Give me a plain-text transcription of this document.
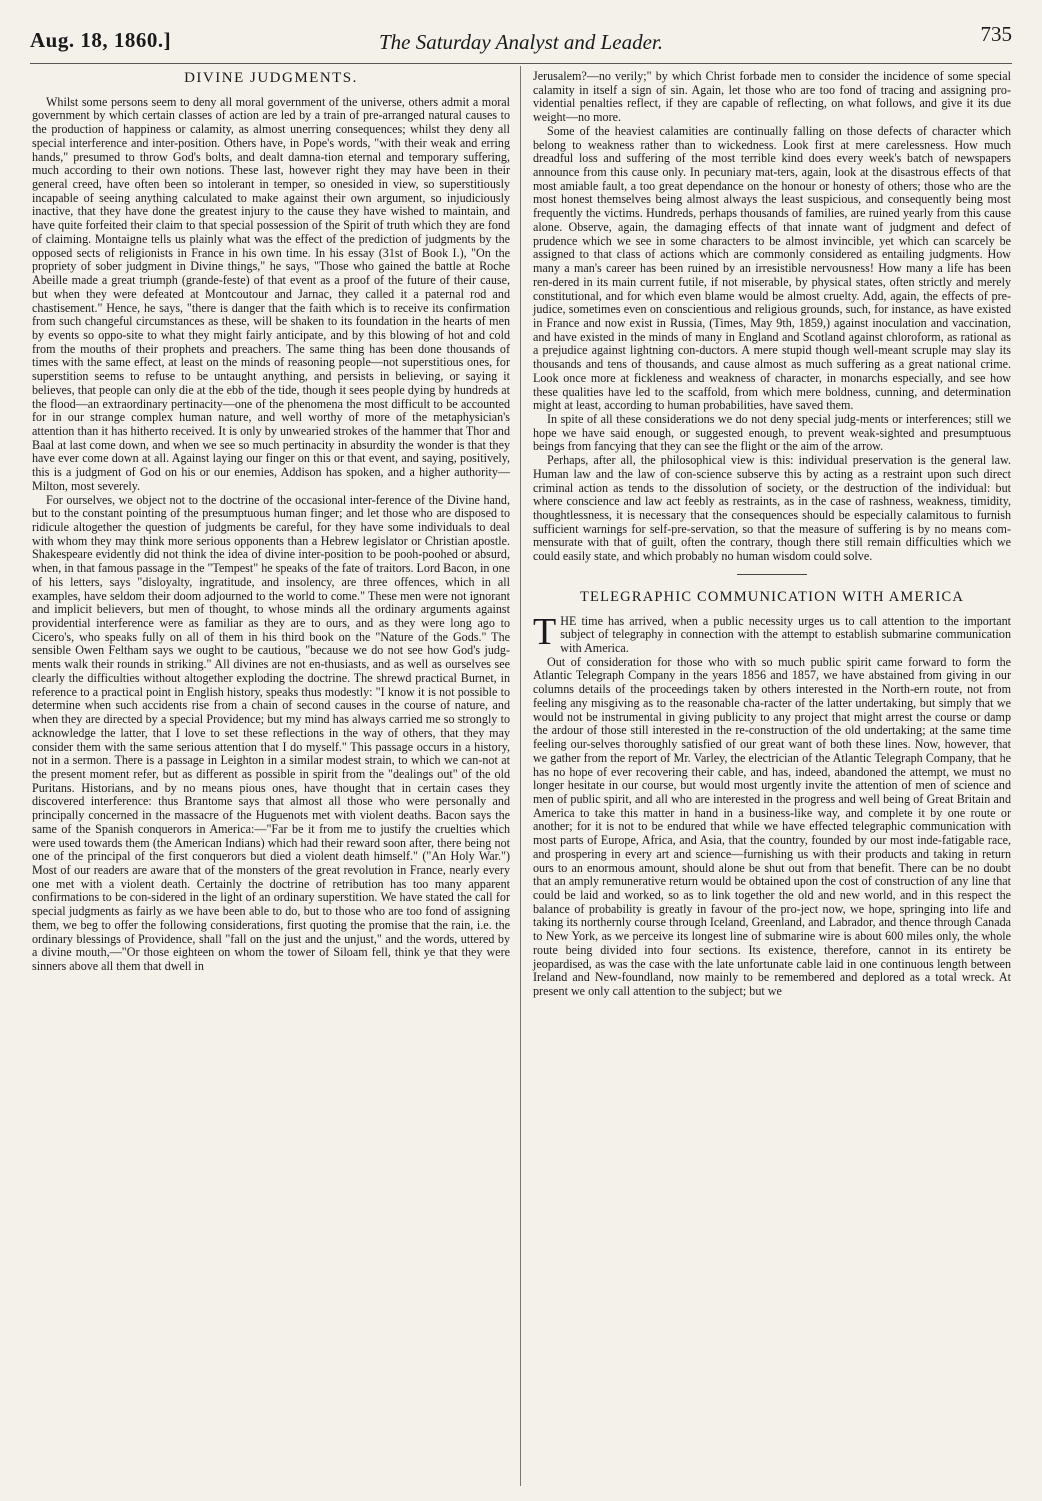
Aug. 18, 1860.]	The Saturday Analyst and Leader.	735
DIVINE JUDGMENTS.

Whilst some persons seem to deny all moral government of the universe, others admit a moral government by which certain classes of action are led by a train of pre-arranged natural causes to the production of happiness or calamity, as almost unerring consequences; whilst they deny all special interference and inter-position. Others have, in Pope's words, "with their weak and erring hands," presumed to throw God's bolts, and dealt damna-tion eternal and temporary suffering, much according to their own notions. These last, however right they may have been in their general creed, have often been so intolerant in temper, so onesided in view, so superstitiously incapable of seeing anything calculated to make against their own argument, so injudiciously inactive, that they have done the greatest injury to the cause they have wished to maintain, and have quite forfeited their claim to that special possession of the Spirit of truth which they are fond of claiming. Montaigne tells us plainly what was the effect of the prediction of judgments by the opposed sects of religionists in France in his own time. In his essay (31st of Book I.), "On the propriety of sober judgment in Divine things," he says, "Those who gained the battle at Roche Abeille made a great triumph (grande-feste) of that event as a proof of the future of their cause, but when they were defeated at Montcoutour and Jarnac, they called it a paternal rod and chastisement." Hence, he says, "there is danger that the faith which is to receive its confirmation from such changeful circumstances as these, will be shaken to its foundation in the hearts of men by events so oppo-site to what they might fairly anticipate, and by this blowing of hot and cold from the mouths of their prophets and preachers. The same thing has been done thousands of times with the same effect, at least on the minds of reasoning people—not superstitious ones, for superstition seems to refuse to be untaught anything, and persists in believing, or saying it believes, that people can only die at the ebb of the tide, though it sees people dying by hundreds at the flood—an extraordinary pertinacity—one of the phenomena the most difficult to be accounted for in our strange complex human nature, and well worthy of more of the metaphysician's attention than it has hitherto received. It is only by unwearied strokes of the hammer that Thor and Baal at last come down, and when we see so much pertinacity in absurdity the wonder is that they have ever come down at all. Against laying our finger on this or that event, and saying, positively, this is a judgment of God on his or our enemies, Addison has spoken, and a higher authority—Milton, most severely.

For ourselves, we object not to the doctrine of the occasional inter-ference of the Divine hand, but to the constant pointing of the presumptuous human finger; and let those who are disposed to ridicule altogether the question of judgments be careful, for they have some individuals to deal with whom they may think more serious opponents than a Hebrew legislator or Christian apostle. Shakespeare evidently did not think the idea of divine inter-position to be pooh-poohed or absurd, when, in that famous passage in the "Tempest" he speaks of the fate of traitors. Lord Bacon, in one of his letters, says "disloyalty, ingratitude, and insolency, are three offences, which in all examples, have seldom their doom adjourned to the world to come." These men were not ignorant and implicit believers, but men of thought, to whose minds all the ordinary arguments against providential interference were as familiar as they are to ours, and as they were long ago to Cicero's, who speaks fully on all of them in his third book on the "Nature of the Gods." The sensible Owen Feltham says we ought to be cautious, "because we do not see how God's judg-ments walk their rounds in striking." All divines are not en-thusiasts, and as well as ourselves see clearly the difficulties without altogether exploding the doctrine. The shrewd practical Burnet, in reference to a practical point in English history, speaks thus modestly: "I know it is not possible to determine when such accidents rise from a chain of second causes in the course of nature, and when they are directed by a special Providence; but my mind has always carried me so strongly to acknowledge the latter, that I love to set these reflections in the way of others, that they may consider them with the same serious attention that I do myself." This passage occurs in a history, not in a sermon. There is a passage in Leighton in a similar modest strain, to which we can-not at the present moment refer, but as different as possible in spirit from the "dealings out" of the old Puritans. Historians, and by no means pious ones, have thought that in certain cases they discovered interference: thus Brantome says that almost all those who were personally and principally concerned in the massacre of the Huguenots met with violent deaths. Bacon says the same of the Spanish conquerors in America:—"Far be it from me to justify the cruelties which were used towards them (the American Indians) which had their reward soon after, there being not one of the principal of the first conquerors but died a violent death himself." ("An Holy War.") Most of our readers are aware that of the monsters of the great revolution in France, nearly every one met with a violent death. Certainly the doctrine of retribution has too many apparent confirmations to be con-sidered in the light of an ordinary superstition. We have stated the call for special judgments as fairly as we have been able to do, but to those who are too fond of assigning them, we beg to offer the following considerations, first quoting the promise that the rain, i.e. the ordinary blessings of Providence, shall "fall on the just and the unjust," and the words, uttered by a divine mouth,—"Or those eighteen on whom the tower of Siloam fell, think ye that they were sinners above all them that dwell in

Jerusalem?—no verily;" by which Christ forbade men to consider the incidence of some special calamity in itself a sign of sin. Again, let those who are too fond of tracing and assigning pro-vidential penalties reflect, if they are capable of reflecting, on what follows, and give it its due weight—no more.

Some of the heaviest calamities are continually falling on those defects of character which belong to weakness rather than to wickedness. Look first at mere carelessness. How much dreadful loss and suffering of the most terrible kind does every week's batch of newspapers announce from this cause only. In pecuniary mat-ters, again, look at the disastrous effects of that most amiable fault, a too great dependance on the honour or honesty of others; those who are the most honest themselves being almost always the least suspicious, and consequently being most frequently the victims. Hundreds, perhaps thousands of families, are ruined yearly from this cause alone. Observe, again, the damaging effects of that innate want of judgment and defect of prudence which we see in some characters to be almost invincible, yet which can scarcely be assigned to that class of actions which are commonly considered as entailing judgments. How many a man's career has been ruined by an irresistible nervousness! How many a life has been ren-dered in its main current futile, if not miserable, by physical states, often strictly and merely constitutional, and for which even blame would be almost cruelty. Add, again, the effects of pre-judice, sometimes even on conscientious and religious grounds, such, for instance, as have existed in France and now exist in Russia, (Times, May 9th, 1859,) against inoculation and vaccination, and have existed in the minds of many in England and Scotland against chloroform, as rational as a prejudice against lightning con-ductors. A mere stupid though well-meant scruple may slay its thousands and tens of thousands, and cause almost as much suffering as a great national crime. Look once more at fickleness and weakness of character, in monarchs especially, and see how these qualities have led to the scaffold, from which mere boldness, cunning, and determination might at least, according to human probabilities, have saved them.

In spite of all these considerations we do not deny special judg-ments or interferences; still we hope we have said enough, or suggested enough, to prevent weak-sighted and presumptuous beings from fancying that they can see the flight or the aim of the arrow.

Perhaps, after all, the philosophical view is this: individual preservation is the general law. Human law and the law of con-science subserve this by acting as a restraint upon such direct criminal action as tends to the dissolution of society, or the destruction of the individual: but where conscience and law act feebly as restraints, as in the case of rashness, weakness, timidity, thoughtlessness, it is necessary that the consequences should be especially calamitous to furnish sufficient warnings for self-pre-servation, so that the measure of suffering is by no means com-mensurate with that of guilt, often the contrary, though there still remain difficulties which we could easily state, and which probably no human wisdom could solve.

TELEGRAPHIC COMMUNICATION WITH AMERICA

THE time has arrived, when a public necessity urges us to call attention to the important subject of telegraphy in connection with the attempt to establish submarine communication with America.

Out of consideration for those who with so much public spirit came forward to form the Atlantic Telegraph Company in the years 1856 and 1857, we have abstained from giving in our columns details of the proceedings taken by others interested in the North-ern route, not from feeling any misgiving as to the reasonable cha-racter of the latter undertaking, but simply that we would not be instrumental in giving publicity to any project that might arrest the course or damp the ardour of those still interested in the re-construction of the old undertaking; at the same time feeling our-selves thoroughly satisfied of our great want of both these lines. Now, however, that we gather from the report of Mr. Varley, the electrician of the Atlantic Telegraph Company, that he has no hope of ever recovering their cable, and has, indeed, abandoned the attempt, we must no longer hesitate in our course, but would most urgently invite the attention of men of science and men of public spirit, and all who are interested in the progress and well being of Great Britain and America to take this matter in hand in a business-like way, and complete it by one route or another; for it is not to be endured that while we have effected telegraphic communication with most parts of Europe, Africa, and Asia, that the country, founded by our most inde-fatigable race, and prospering in every art and science—furnishing us with their products and taking in return ours to an enormous amount, should alone be shut out from that benefit. There can be no doubt that an amply remunerative return would be obtained upon the cost of construction of any line that could be laid and worked, so as to link together the old and new world, and in this respect the balance of probability is greatly in favour of the pro-ject now, we hope, springing into life and taking its northernly course through Iceland, Greenland, and Labrador, and thence through Canada to New York, as we perceive its longest line of submarine wire is about 600 miles only, the whole route being divided into four sections. Its existence, therefore, cannot in its entirety be jeopardised, as was the case with the late unfortunate cable laid in one continuous length between Ireland and New-foundland, now mainly to be remembered and deplored as a total wreck. At present we only call attention to the subject; but we
